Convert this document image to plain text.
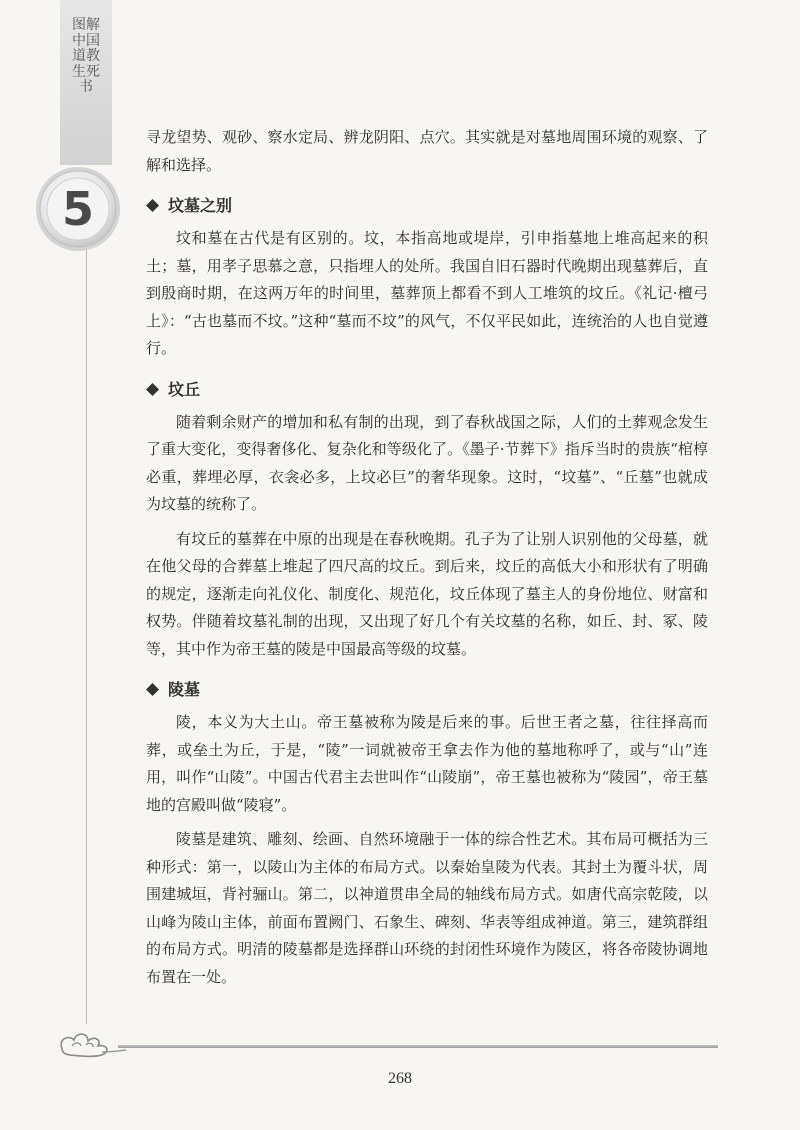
图解中国道教生死书
5

寻龙望势、观砂、察水定局、辨龙阴阳、点穴。其实就是对墓地周围环境的观察、了解和选择。

坟墓之别

坟和墓在古代是有区别的。坟，本指高地或堤岸，引申指墓地上堆高起来的积土；墓，用孝子思慕之意，只指埋人的处所。我国自旧石器时代晚期出现墓葬后，直到殷商时期，在这两万年的时间里，墓葬顶上都看不到人工堆筑的坟丘。《礼记·檀弓上》：“古也墓而不坟。”这种“墓而不坟”的风气，不仅平民如此，连统治的人也自觉遵行。

坟丘

随着剩余财产的增加和私有制的出现，到了春秋战国之际，人们的土葬观念发生了重大变化，变得奢侈化、复杂化和等级化了。《墨子·节葬下》指斥当时的贵族“棺椁必重，葬埋必厚，衣衾必多，上坟必巨”的奢华现象。这时，“坟墓”、“丘墓”也就成为坟墓的统称了。

有坟丘的墓葬在中原的出现是在春秋晚期。孔子为了让别人识别他的父母墓，就在他父母的合葬墓上堆起了四尺高的坟丘。到后来，坟丘的高低大小和形状有了明确的规定，逐渐走向礼仪化、制度化、规范化，坟丘体现了墓主人的身份地位、财富和权势。伴随着坟墓礼制的出现，又出现了好几个有关坟墓的名称，如丘、封、冢、陵等，其中作为帝王墓的陵是中国最高等级的坟墓。

陵墓

陵，本义为大土山。帝王墓被称为陵是后来的事。后世王者之墓，往往择高而葬，或垒土为丘，于是，“陵”一词就被帝王拿去作为他的墓地称呼了，或与“山”连用，叫作“山陵”。中国古代君主去世叫作“山陵崩”，帝王墓也被称为“陵园”，帝王墓地的宫殿叫做“陵寝”。

陵墓是建筑、雕刻、绘画、自然环境融于一体的综合性艺术。其布局可概括为三种形式：第一，以陵山为主体的布局方式。以秦始皇陵为代表。其封土为覆斗状，周围建城垣，背衬骊山。第二，以神道贯串全局的轴线布局方式。如唐代高宗乾陵，以山峰为陵山主体，前面布置阙门、石象生、碑刻、华表等组成神道。第三，建筑群组的布局方式。明清的陵墓都是选择群山环绕的封闭性环境作为陵区，将各帝陵协调地布置在一处。

268
